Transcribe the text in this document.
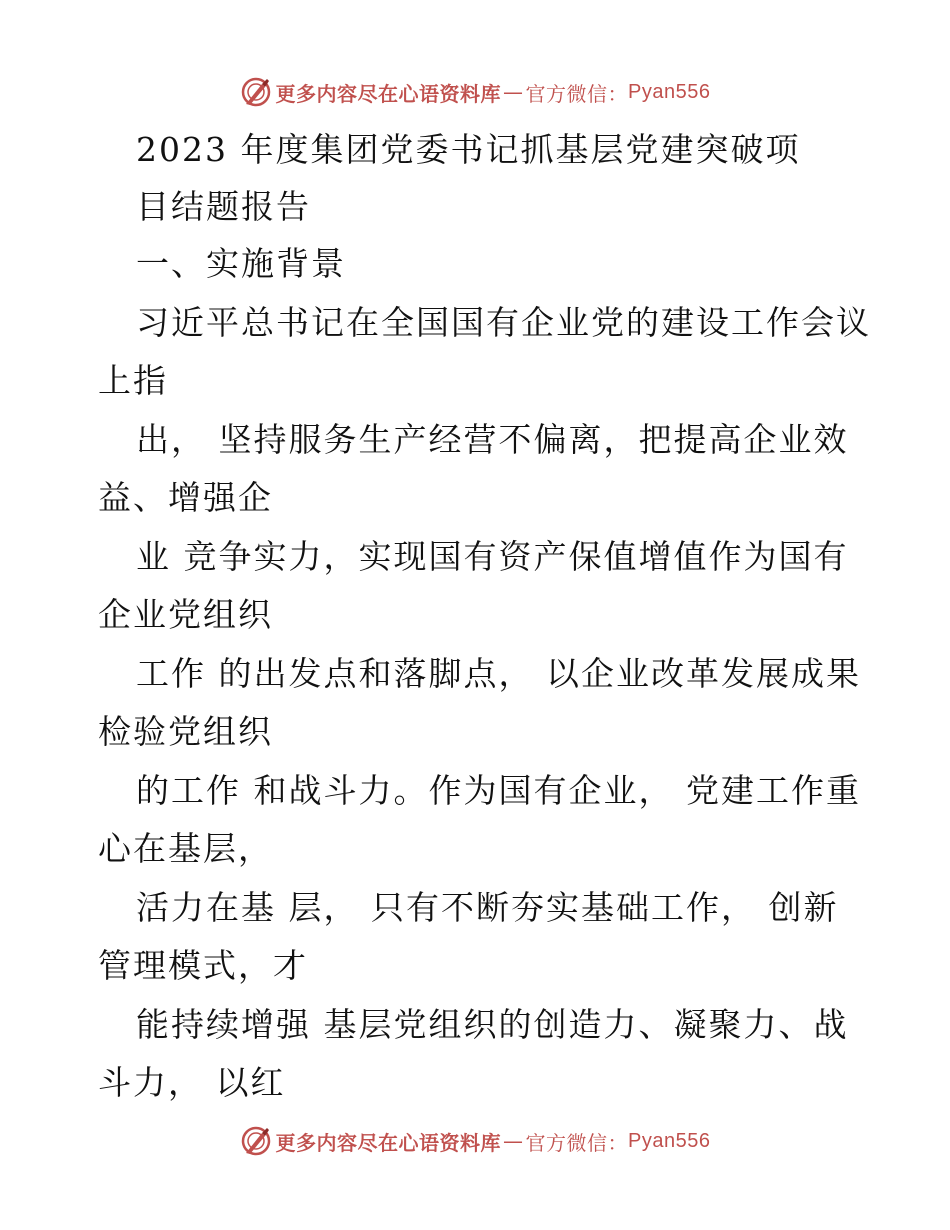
更多内容尽在心语资料库 — 官方微信： Pyan556
2023 年度集团党委书记抓基层党建突破项
目结题报告
一、实施背景
习近平总书记在全国国有企业党的建设工作会议
上指
出， 坚持服务生产经营不偏离，把提高企业效
益、增强企
业 竞争实力，实现国有资产保值增值作为国有
企业党组织
工作 的出发点和落脚点， 以企业改革发展成果
检验党组织
的工作 和战斗力。作为国有企业， 党建工作重
心在基层，
活力在基 层， 只有不断夯实基础工作， 创新
管理模式，才
能持续增强 基层党组织的创造力、凝聚力、战
斗力， 以红
更多内容尽在心语资料库 — 官方微信： Pyan556
